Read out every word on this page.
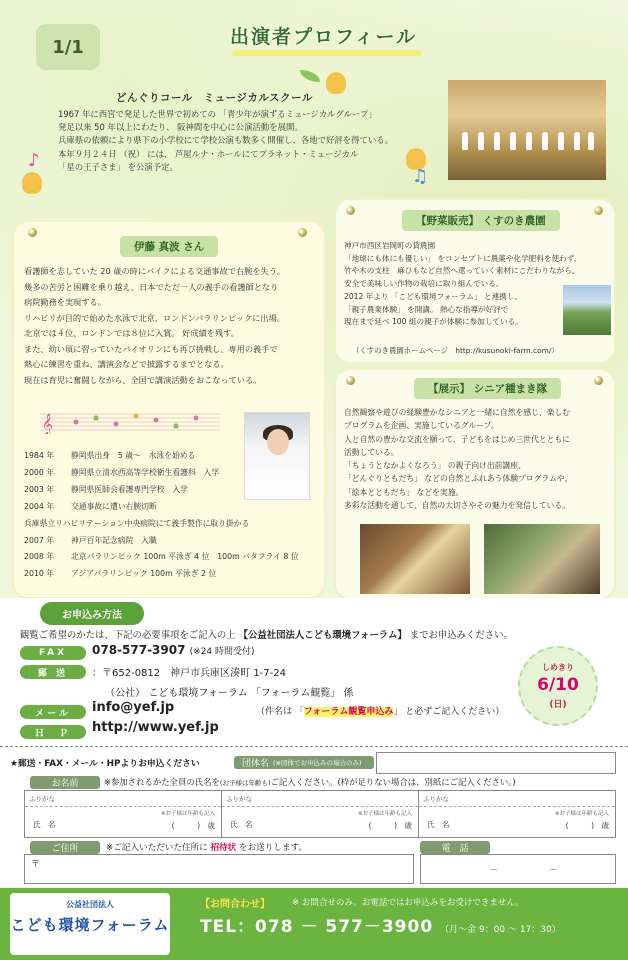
1/1	出演者プロフィール
♪
♫
どんぐりコール　ミュージカルスクール
1967 年に西宮で発足した世界で初めての 「青少年が演ずるミュージカルグループ」
発足以来 50 年以上にわたり、 阪神間を中心に公演活動を展開。
兵庫県の依頼により県下の小学校にて学校公演も数多く開催し、各地で好評を得ている。
本年９月２４日 （祝） には、 芦屋ルナ・ホールにてプラネット・ミュージカル
「星の王子さま」 を公演予定。
伊藤 真波 さん
看護師を志していた 20 歳の時にバイクによる交通事故で右腕を失う。
幾多の苦労と困難を乗り越え、日本でただ一人の義手の看護師となり
病院勤務を実現する。
リハビリが目的で始めた水泳で北京、ロンドンパラリンピックに出場。
北京では４位、ロンドンでは８位に入賞。 好成績を残す。
また、幼い頃に習っていたバイオリンにも再び挑戦し、専用の義手で
熱心に練習を重ね、講演会などで披露するまでとなる。
現在は育児に奮闘しながら、全国で講演活動をおこなっている。
𝄞
1984 年	静岡県出身　5 歳～　水泳を始める
2000 年	静岡県立清水西高等学校衛生看護科　入学
2003 年	静岡県医師会看護専門学校　入学
2004 年	交通事故に遭い右腕切断
兵庫県立リハビリテーション中央病院にて義手製作に取り掛かる
2007 年	神戸百年記念病院　入職
2008 年	北京パラリンピック 100m 平泳ぎ 4 位　100m バタフライ 8 位
2010 年	アジアパラリンピック 100m 平泳ぎ 2 位
【野菜販売】 くすのき農園
神戸市西区岩岡町の貸農園
「地球にも体にも優しい」 をコンセプトに農薬や化学肥料を使わず、
竹や木の支柱　麻ひもなど自然へ還っていく素材にこだわりながら、
安全で美味しい作物の栽培に取り組んでいる。
2012 年より 「こども環境フォーラム」 と連携し、
「親子農業体験」 を開講。 熱心な指導が好評で
現在まで延べ 100 組の親子が体験に参加している。
（くすのき農園ホームページ　http://kusunoki-farm.com/）
【展示】 シニア種まき隊
自然観察や遊びの経験豊かなシニアと一緒に自然を感じ、楽しむ
プログラムを企画、実施しているグループ。
人と自然の豊かな交流を願って、子どもをはじめ三世代とともに
活動している。
「ちょうとなかよくなろう」 の親子向け出前講座、
「どんぐりともだち」 などの自然とふれあう体験プログラムや、
「絵本とともだち」 などを実施。
多彩な活動を通して、自然の大切さやその魅力を発信している。
お申込み方法
観覧ご希望のかたは、下記の必要事項をご記入の上 【公益社団法人こども環境フォーラム】 までお申込みください。
FAX	078-577-3907 (※24 時間受付)
郵 送	：〒652-0812　神戸市兵庫区湊町 1-7-24
　 （公社） こども環境フォーラム 「フォーラム観覧」 係
メール	info@yef.jp	（件名は 「フォーラム観覧申込み」 と必ずご記入ください）
Ｈ　Ｐ	http://www.yef.jp
しめきり
6/10
(日)
★郵送・FAX・メール・HPよりお申込ください	団体名 (※団体でお申込みの場合のみ)
お名前	※参加されるかた全員の氏名を(お子様は年齢も)ご記入ください。(枠が足りない場合は、別紙にご記入ください。)
ふりがな
氏　名
※お子様は年齢も記入
(　　　)　歳
ふりがな
氏　名
※お子様は年齢も記入
(　　　)　歳
ふりがな
氏　名
※お子様は年齢も記入
(　　　)　歳
ご住所	※ご記入いただいた住所に 招待状 をお送りします。
〒
電　話
－	－
公益社団法人
こども環境フォーラム
【お問合わせ】	※ お問合せのみ。お電話ではお申込みをお受けできません。
TEL：078 － 577－3900 （月～金 9：00 ～ 17：30）
